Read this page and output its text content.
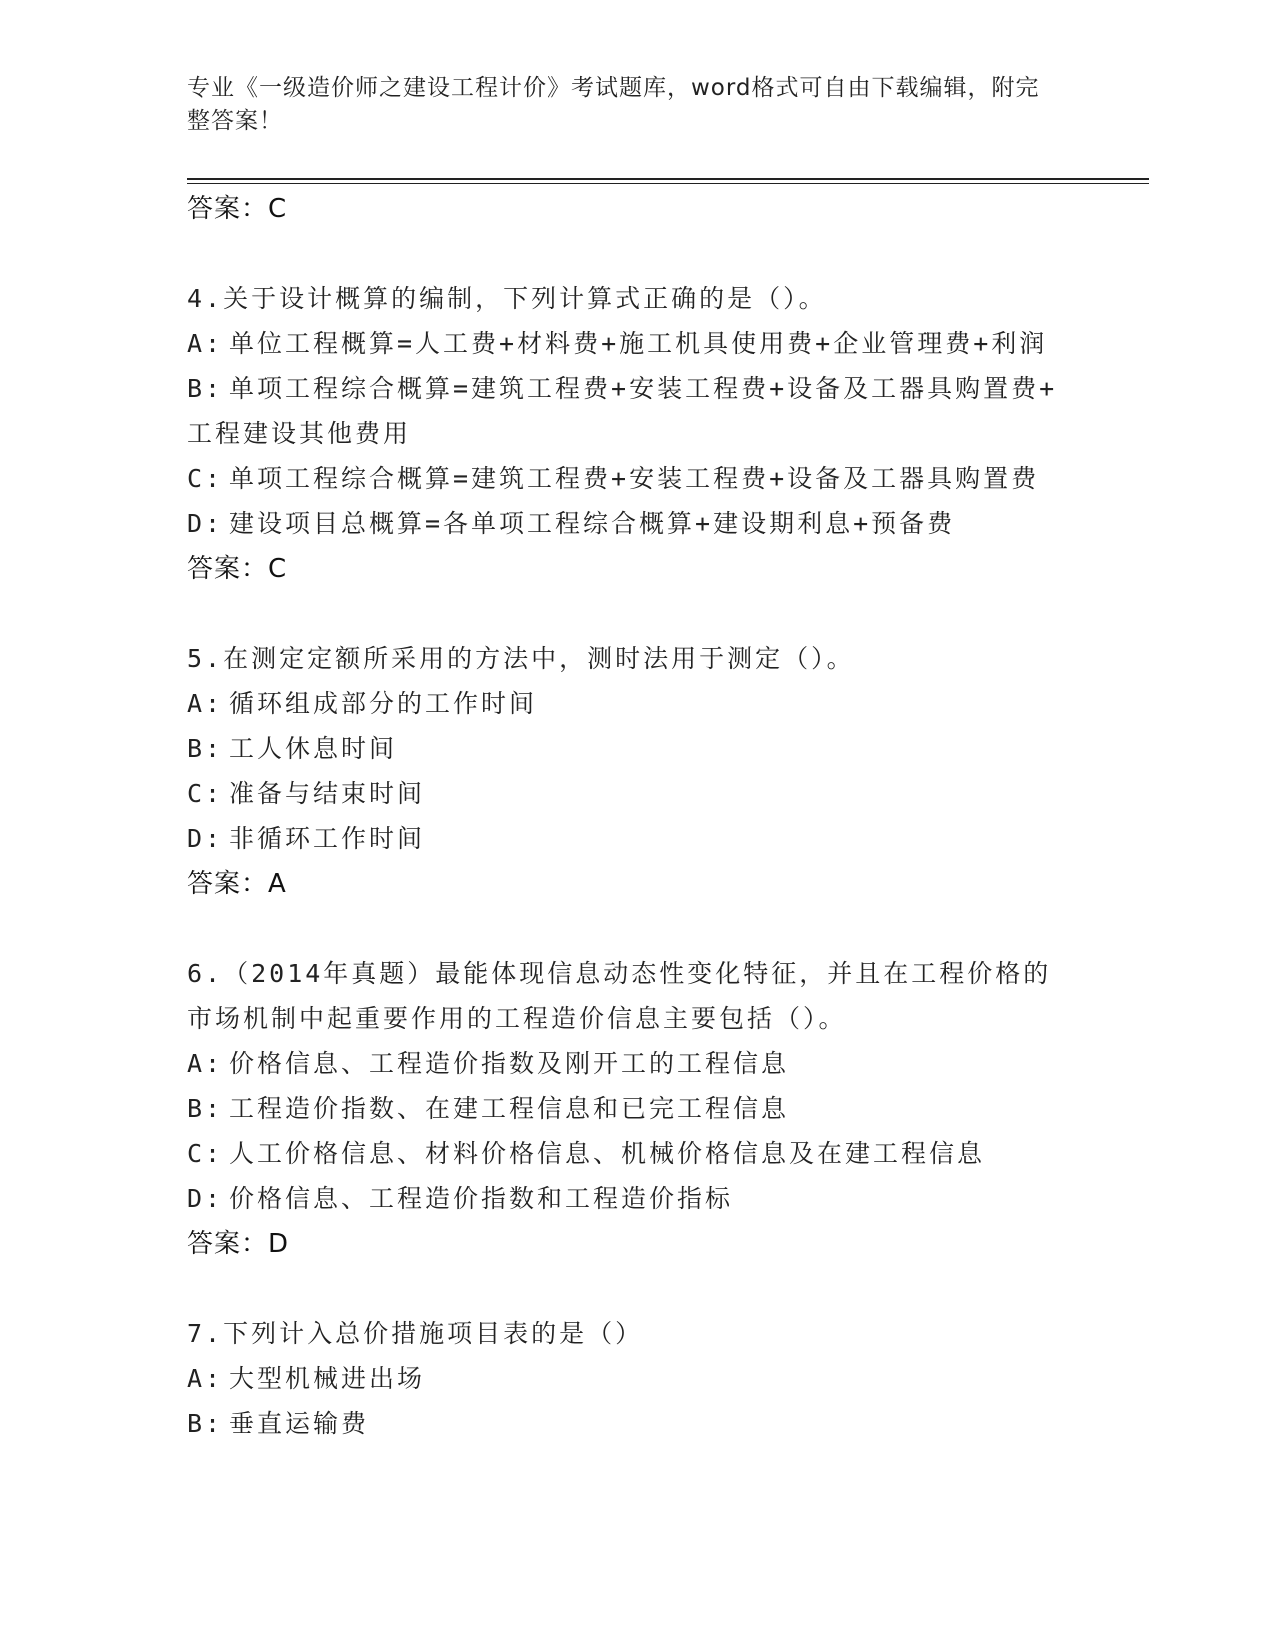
专业《一级造价师之建设工程计价》考试题库，word格式可自由下载编辑，附完
整答案！
答案：C
4.关于设计概算的编制，下列计算式正确的是（）。
A: 单位工程概算=人工费+材料费+施工机具使用费+企业管理费+利润
B: 单项工程综合概算=建筑工程费+安装工程费+设备及工器具购置费+
工程建设其他费用
C: 单项工程综合概算=建筑工程费+安装工程费+设备及工器具购置费
D: 建设项目总概算=各单项工程综合概算+建设期利息+预备费
答案：C
5.在测定定额所采用的方法中，测时法用于测定（）。
A: 循环组成部分的工作时间
B: 工人休息时间
C: 准备与结束时间
D: 非循环工作时间
答案：A
6.（2014年真题）最能体现信息动态性变化特征，并且在工程价格的
市场机制中起重要作用的工程造价信息主要包括（）。
A: 价格信息、工程造价指数及刚开工的工程信息
B: 工程造价指数、在建工程信息和已完工程信息
C: 人工价格信息、材料价格信息、机械价格信息及在建工程信息
D: 价格信息、工程造价指数和工程造价指标
答案：D
7.下列计入总价措施项目表的是（）
A: 大型机械进出场
B: 垂直运输费
